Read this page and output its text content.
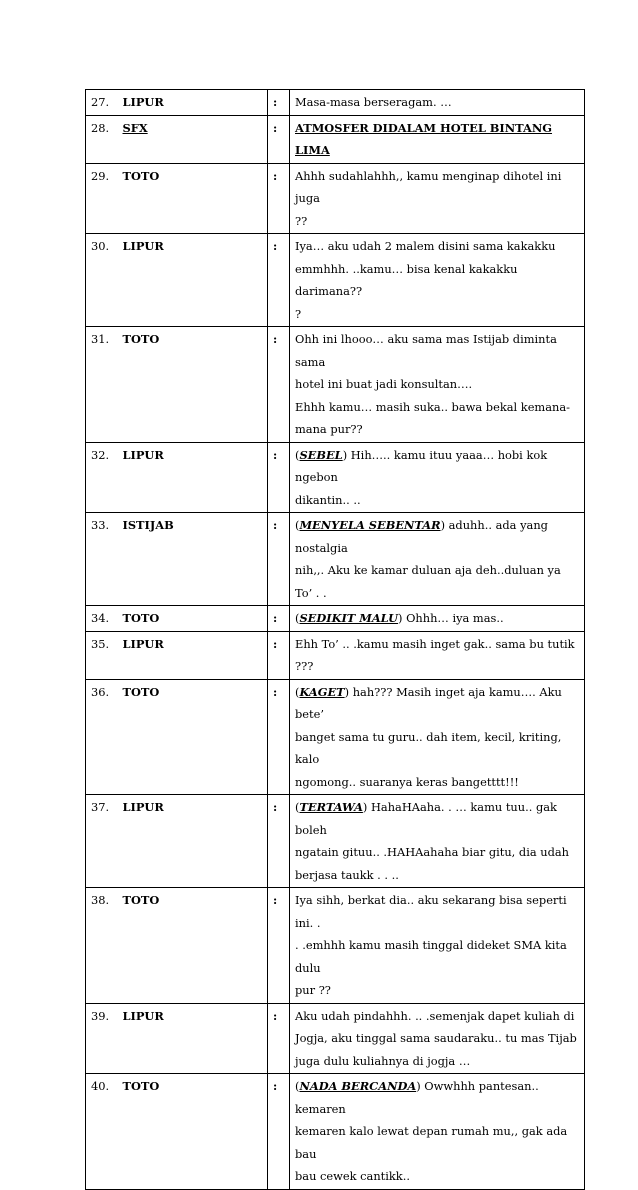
27.	LIPUR	:	Masa-masa berseragam. …

28.	SFX	:	ATMOSFER DIDALAM HOTEL BINTANG LIMA

29.	TOTO	:	Ahhh sudahlahhh,, kamu menginap dihotel ini juga
??

30.	LIPUR	:	Iya… aku udah 2 malem disini sama kakakku
emmhhh. ..kamu… bisa kenal kakakku darimana??
?

31.	TOTO	:	Ohh ini lhooo… aku sama mas Istijab diminta sama
hotel ini buat jadi konsultan….
Ehhh kamu… masih suka.. bawa bekal kemana-
mana pur??

32.	LIPUR	:	(SEBEL) Hih….. kamu ituu yaaa… hobi kok ngebon
dikantin.. ..

33.	ISTIJAB	:	(MENYELA SEBENTAR) aduhh.. ada yang nostalgia
nih,,. Aku ke kamar duluan aja deh..duluan ya To’ . .

34.	TOTO	:	(SEDIKIT MALU) Ohhh… iya mas..

35.	LIPUR	:	Ehh To’ .. .kamu masih inget gak.. sama bu tutik ???

36.	TOTO	:	(KAGET) hah??? Masih inget aja kamu…. Aku bete’
banget sama tu guru.. dah item, kecil, kriting, kalo
ngomong.. suaranya keras bangetttt!!!

37.	LIPUR	:	(TERTAWA) HahaHAaha. . … kamu tuu.. gak boleh
ngatain gituu.. .HAHAahaha biar gitu, dia udah
berjasa taukk . . ..

38.	TOTO	:	Iya sihh, berkat dia.. aku sekarang bisa seperti ini. .
. .emhhh kamu masih tinggal dideket SMA kita dulu
pur ??

39.	LIPUR	:	Aku udah pindahhh. .. .semenjak dapet kuliah di
Jogja, aku tinggal sama saudaraku.. tu mas Tijab
juga dulu kuliahnya di jogja …

40.	TOTO	:	(NADA BERCANDA) Owwhhh pantesan.. kemaren
kemaren kalo lewat depan rumah mu,, gak ada bau
bau cewek cantikk..
